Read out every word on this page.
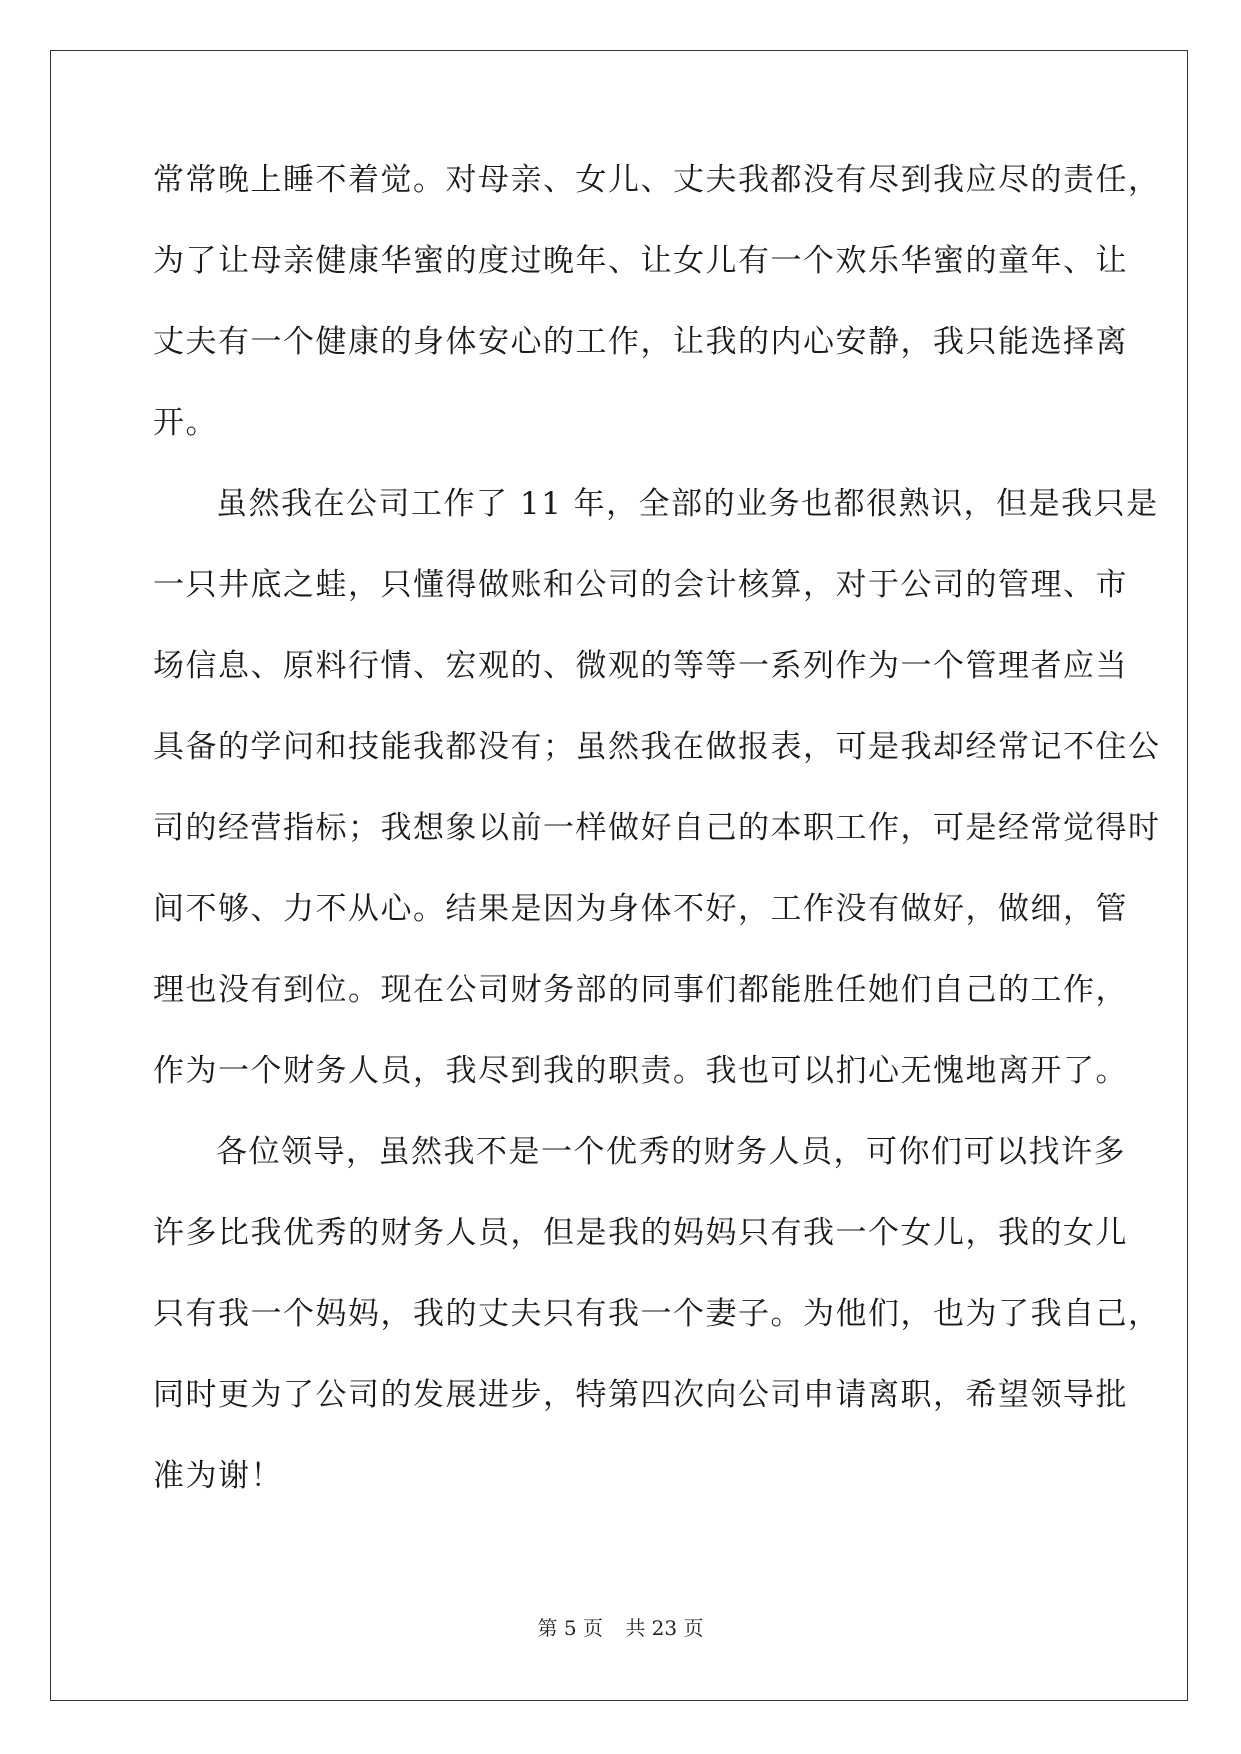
常常晚上睡不着觉。对母亲、女儿、丈夫我都没有尽到我应尽的责任，
为了让母亲健康华蜜的度过晚年、让女儿有一个欢乐华蜜的童年、让
丈夫有一个健康的身体安心的工作，让我的内心安静，我只能选择离
开。
虽然我在公司工作了 11 年，全部的业务也都很熟识，但是我只是
一只井底之蛙，只懂得做账和公司的会计核算，对于公司的管理、市
场信息、原料行情、宏观的、微观的等等一系列作为一个管理者应当
具备的学问和技能我都没有；虽然我在做报表，可是我却经常记不住公
司的经营指标；我想象以前一样做好自己的本职工作，可是经常觉得时
间不够、力不从心。结果是因为身体不好，工作没有做好，做细，管
理也没有到位。现在公司财务部的同事们都能胜任她们自己的工作，
作为一个财务人员，我尽到我的职责。我也可以扪心无愧地离开了。
各位领导，虽然我不是一个优秀的财务人员，可你们可以找许多
许多比我优秀的财务人员，但是我的妈妈只有我一个女儿，我的女儿
只有我一个妈妈，我的丈夫只有我一个妻子。为他们，也为了我自己，
同时更为了公司的发展进步，特第四次向公司申请离职，希望领导批
准为谢！
第 5 页 共 23 页
